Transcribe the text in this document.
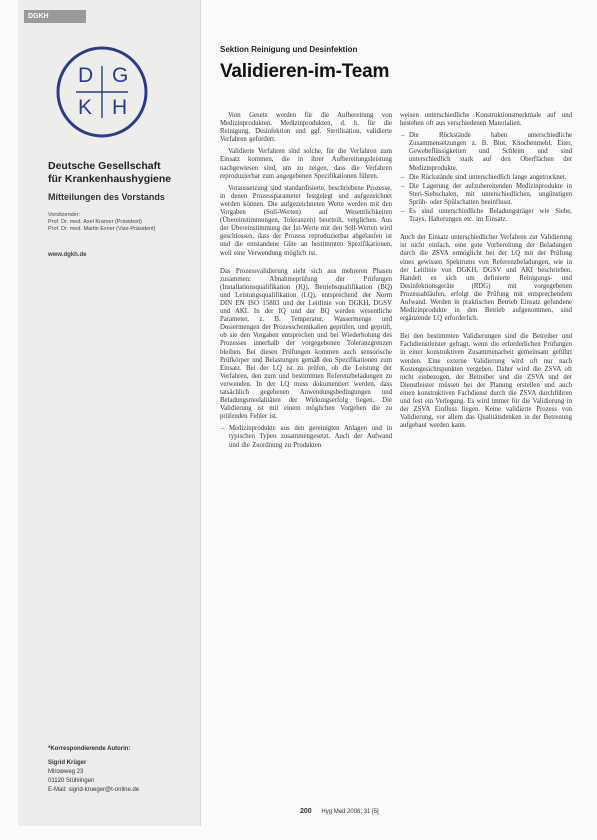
DGKH
D G
K H
Deutsche Gesellschaft
für Krankenhaushygiene
Mitteilungen des Vorstands
Vorsitzender:
Prof. Dr. med. Axel Kramer (Präsident)
Prof. Dr. med. Martin Exner (Vize-Präsident)
www.dgkh.de
*Korrespondierende Autorin:
Sigrid Krüger
Mirowweg 23
01120 Stühlingen
E-Mail: sigrid-krueger@t-online.de
Sektion Reinigung und Desinfektion
Validieren-im-Team

Vom Gesetz werden für die Aufbereitung von Medizinprodukten, Medizinprodukten, d. h. für die Reinigung, Desinfektion und ggf. Sterilisation, validierte Verfahren gefordert.

Validierte Verfahren sind solche, für die Verfahren zum Einsatz kommen, die in ihrer Aufbereitungsleistung nachgewiesen sind, um zu zeigen, dass die Verfahren reproduzierbar zum angegebenen Spezifikationen führen.

Voraussetzung sind standardisierte, beschriebene Prozesse, in denen Prozessparameter festgelegt und aufgezeichnet werden können. Die aufgezeichneten Werte werden mit den Vorgaben (Soll-Werten) auf Wesentlichkeiten (Übereinstimmungen, Toleranzen) beurteilt, verglichen. Aus der Übereinstimmung der Ist-Werte mit den Soll-Werten wird geschlossen, dass der Prozess reproduzierbar abgelaufen ist und die entstandene Güte an bestimmten Spezifikationen, weil eine Verwendung möglich ist.

Das Prozessvalidierung sieht sich aus mehreren Phasen zusammen: Abnahmeprüfung der Prüfungen (Installationsqualifikation (IQ), Betriebsqualifikation (BQ) und Leistungsqualifikation (LQ), entsprechend der Norm DIN EN ISO 15883 und der Leitlinie von DGKH, DGSV und AKI. In der IQ und der BQ werden wesentliche Parameter, z. B. Temperatur, Wassermenge und Dosiermengen der Prozesschemikalien geprüfen, und geprüft, ob sie den Vorgaben entsprechen und bei Wiederholung des Prozesses innerhalb der vorgegebenen Toleranzgrenzen bleiben. Bei diesen Prüfungen kommen auch sensorische Prüfkörper und Belastungen gemäß den Spezifikationen zum Einsatz. Bei der LQ ist zu prüfen, ob die Leistung der Verfahren, den zum und bestimmten Referenzbeladungen zu verwenden. In der LQ muss dokumentiert werden, dass tatsächlich gegebenen Anwendungsbedingungen und Beladungsmodalitäten der Wirkungserfolg liegen. Die Validierung ist mit einem möglichen Vorgehen die zu prüfenden Fehler ist.

– Medizinprodukte aus den gereinigten Anlagen und in typischen Typen zusammengesetzt. Auch der Aufwand und die Zuordnung zu Produkten

weisen unterschiedliche Konstruktionsmerkmale auf und bestehen oft aus verschiedenen Materialien.

– Die Rückstände haben unterschiedliche Zusammensetzungen z. B. Blut, Knochenmehl, Eiter, Gewebeflüssigkeiten und Schleim und sind unterschiedlich stark auf den Oberflächen der Medizinprodukte.
– Die Rückstände sind unterschiedlich lange angetrocknet.
– Die Lagerung der aufzubereitenden Medizinprodukte in Steri-Siebschalen, mit unterschiedlichen, ungünstigen Sprüh- oder Spülschatten beeinflusst.
– Es sind unterschiedliche Beladungsträger wie Siebe, Trays, Halterungen etc. im Einsatz.

Auch der Einsatz unterschiedlicher Verfahren zur Validierung ist nicht einfach, eine gute Vorbereitung der Beladungen durch die ZSVA ermöglicht bei der LQ mit der Prüfung eines gewissen Spektrums von Referenzbeladungen, wie in der Leitlinie von DGKH, DGSV und AKI beschrieben. Handelt es sich um definierte Reinigungs- und Desinfektionsgeräte (RDG) mit vorgegebenen Prozessabläufen, erfolgt die Prüfung mit entsprechendem Aufwand. Werden in praktischen Betrieb Einsatz gefundene Medizinprodukte in den Betrieb aufgenommen, sind ergänzende LQ erforderlich.

Bei den bestimmten Validierungen sind die Betreiber und Fachdienstleister gefragt, wenn die erforderlichen Prüfungen in einer konstruktiven Zusammenarbeit gemeinsam geführt werden. Eine externe Validierung wird oft nur nach Kostengesichtspunkten vergeben. Daher wird die ZSVA oft nicht einbezogen, der Betreiber und die ZSVA und der Dienstleister müssen bei der Planung erstellen und auch einen konstruktiven Fachdienst durch die ZSVA durchführen und fest ein Verlegung. Es wird immer für die Validierung in der ZSVA Einfluss liegen. Keine validierte Prozess von Validierung, vor allem das Qualitätsdenken in der Betreuung aufgebaut werden kann.

200 Hyg Med 2006; 31 [5]
